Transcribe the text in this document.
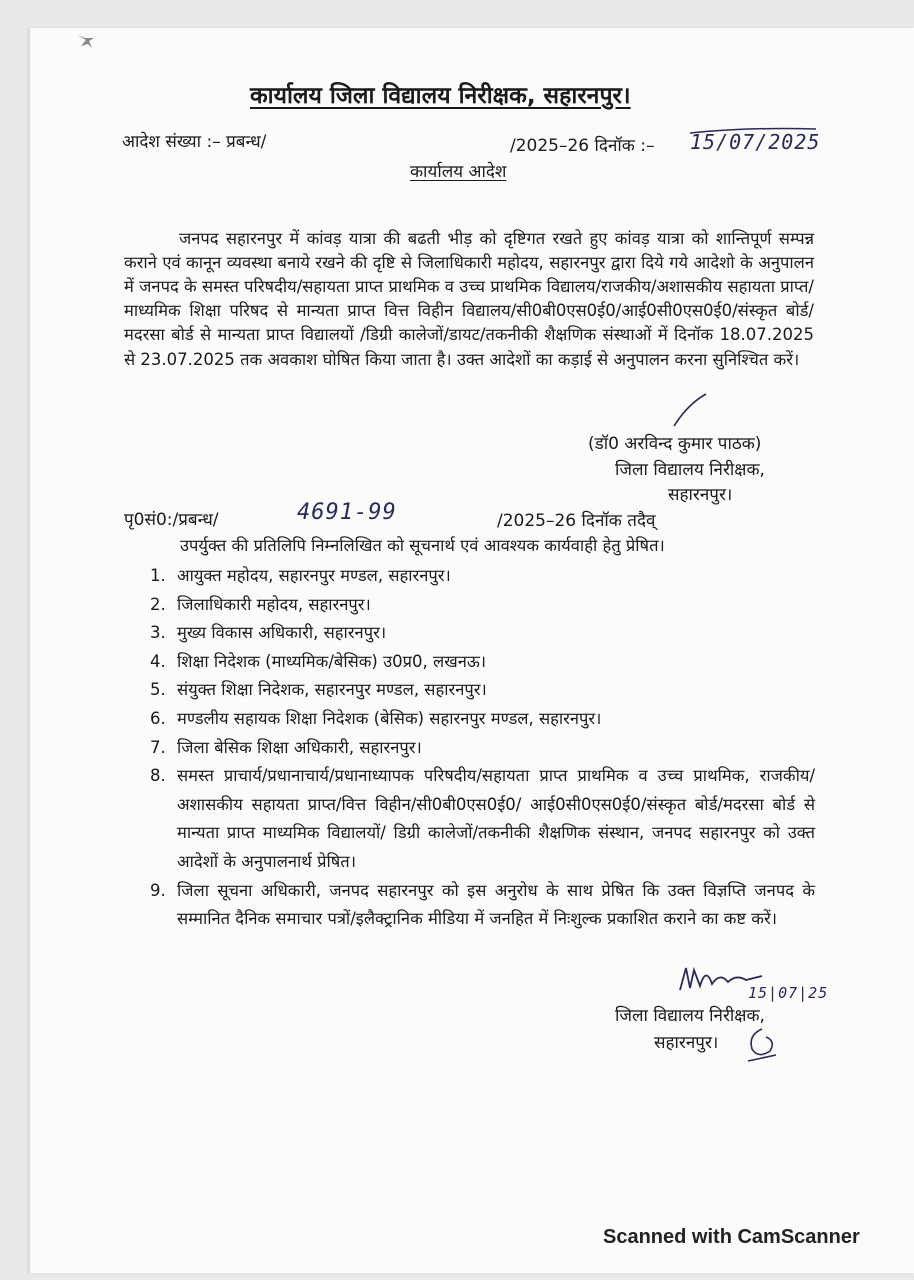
कार्यालय जिला विद्यालय निरीक्षक, सहारनपुर।
आदेश संख्या :– प्रबन्ध/	/2025–26 दिनॉक :– 15/07/2025
कार्यालय आदेश

जनपद सहारनपुर में कांवड़ यात्रा की बढती भीड़ को दृष्टिगत रखते हुए कांवड़ यात्रा को शान्तिपूर्ण सम्पन्न कराने एवं कानून व्यवस्था बनाये रखने की दृष्टि से जिलाधिकारी महोदय, सहारनपुर द्वारा दिये गये आदेशो के अनुपालन में जनपद के समस्त परिषदीय/सहायता प्राप्त प्राथमिक व उच्च प्राथमिक विद्यालय/राजकीय/अशासकीय सहायता प्राप्त/माध्यमिक शिक्षा परिषद से मान्यता प्राप्त वित्त विहीन विद्यालय/सी0बी0एस0ई0/आई0सी0एस0ई0/संस्कृत बोर्ड/मदरसा बोर्ड से मान्यता प्राप्त विद्यालयों /डिग्री कालेजों/डायट/तकनीकी शैक्षणिक संस्थाओं में दिनॉक 18.07.2025 से 23.07.2025 तक अवकाश घोषित किया जाता है। उक्त आदेशों का कड़ाई से अनुपालन करना सुनिश्चित करें।

(डॉ0 अरविन्द कुमार पाठक)
जिला विद्यालय निरीक्षक,
सहारनपुर।
पृ0सं0:/प्रबन्ध/	4691-99	/2025–26 दिनॉक तदैव्
उपर्युक्त की प्रतिलिपि निम्नलिखित को सूचनार्थ एवं आवश्यक कार्यवाही हेतु प्रेषित।
1. आयुक्त महोदय, सहारनपुर मण्डल, सहारनपुर।
2. जिलाधिकारी महोदय, सहारनपुर।
3. मुख्य विकास अधिकारी, सहारनपुर।
4. शिक्षा निदेशक (माध्यमिक/बेसिक) उ0प्र0, लखनऊ।
5. संयुक्त शिक्षा निदेशक, सहारनपुर मण्डल, सहारनपुर।
6. मण्डलीय सहायक शिक्षा निदेशक (बेसिक) सहारनपुर मण्डल, सहारनपुर।
7. जिला बेसिक शिक्षा अधिकारी, सहारनपुर।
8. समस्त प्राचार्य/प्रधानाचार्य/प्रधानाध्यापक परिषदीय/सहायता प्राप्त प्राथमिक व उच्च प्राथमिक, राजकीय/अशासकीय सहायता प्राप्त/वित्त विहीन/सी0बी0एस0ई0/ आई0सी0एस0ई0/संस्कृत बोर्ड/मदरसा बोर्ड से मान्यता प्राप्त माध्यमिक विद्यालयों/ डिग्री कालेजों/तकनीकी शैक्षणिक संस्थान, जनपद सहारनपुर को उक्त आदेशों के अनुपालनार्थ प्रेषित।
9. जिला सूचना अधिकारी, जनपद सहारनपुर को इस अनुरोध के साथ प्रेषित कि उक्त विज्ञप्ति जनपद के सम्मानित दैनिक समाचार पत्रों/इलैक्ट्रानिक मीडिया में जनहित में निःशुल्क प्रकाशित कराने का कष्ट करें।
15|07|25
जिला विद्यालय निरीक्षक,
सहारनपुर।
Scanned with CamScanner
